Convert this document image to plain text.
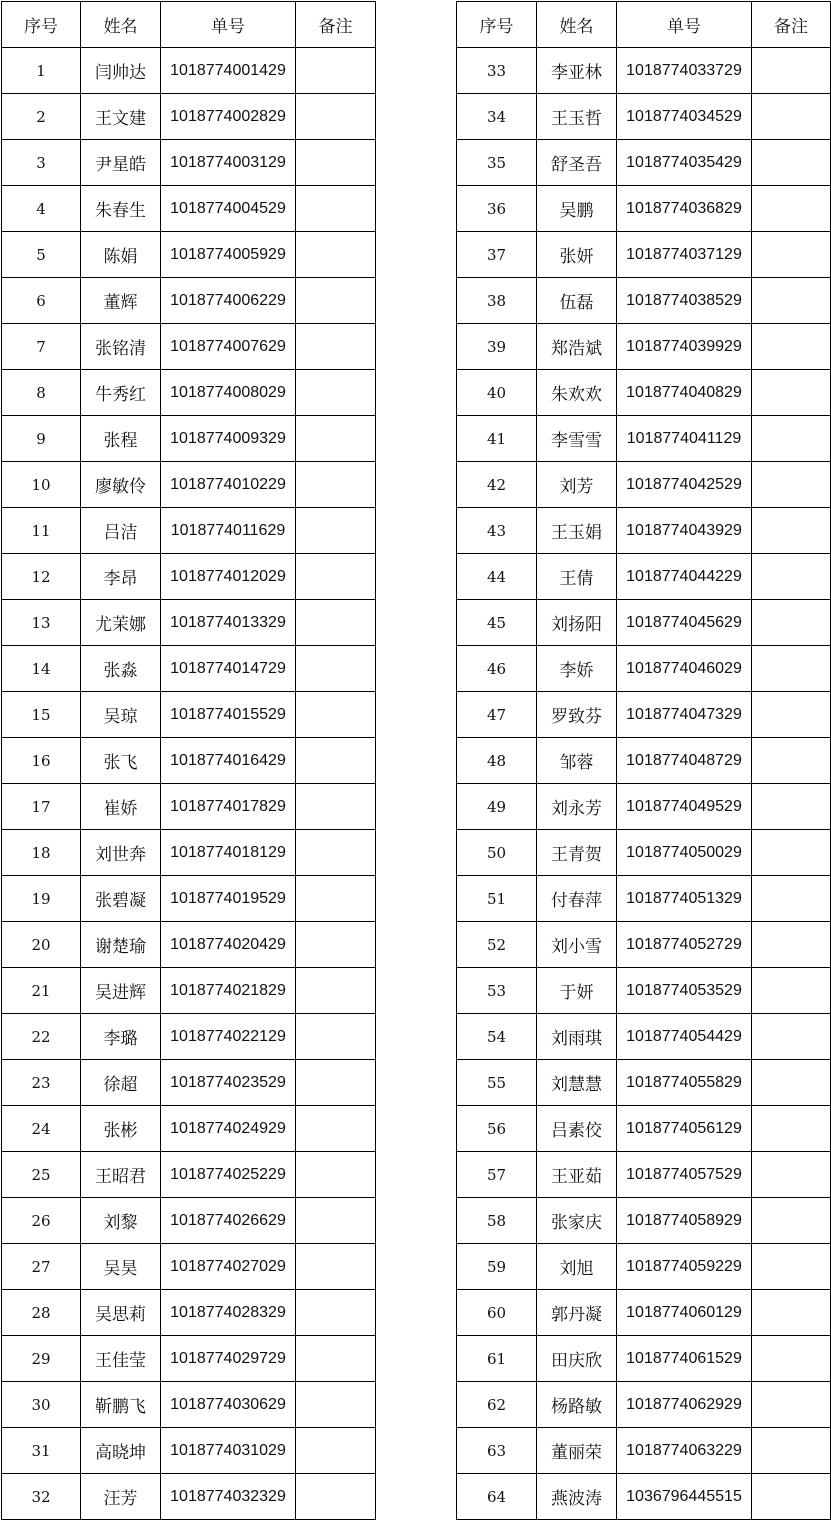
序号	姓名	单号	备注
1	闫帅达	1018774001429	
2	王文建	1018774002829	
3	尹星皓	1018774003129	
4	朱春生	1018774004529	
5	陈娟	1018774005929	
6	董辉	1018774006229	
7	张铭清	1018774007629	
8	牛秀红	1018774008029	
9	张程	1018774009329	
10	廖敏伶	1018774010229	
11	吕洁	1018774011629	
12	李昂	1018774012029	
13	尤茉娜	1018774013329	
14	张淼	1018774014729	
15	吴琼	1018774015529	
16	张飞	1018774016429	
17	崔娇	1018774017829	
18	刘世奔	1018774018129	
19	张碧凝	1018774019529	
20	谢楚瑜	1018774020429	
21	吴进辉	1018774021829	
22	李璐	1018774022129	
23	徐超	1018774023529	
24	张彬	1018774024929	
25	王昭君	1018774025229	
26	刘黎	1018774026629	
27	吴昊	1018774027029	
28	吴思莉	1018774028329	
29	王佳莹	1018774029729	
30	靳鹏飞	1018774030629	
31	高晓坤	1018774031029	
32	汪芳	1018774032329	
序号	姓名	单号	备注
33	李亚林	1018774033729	
34	王玉哲	1018774034529	
35	舒圣吾	1018774035429	
36	吴鹏	1018774036829	
37	张妍	1018774037129	
38	伍磊	1018774038529	
39	郑浩斌	1018774039929	
40	朱欢欢	1018774040829	
41	李雪雪	1018774041129	
42	刘芳	1018774042529	
43	王玉娟	1018774043929	
44	王倩	1018774044229	
45	刘扬阳	1018774045629	
46	李娇	1018774046029	
47	罗致芬	1018774047329	
48	邹蓉	1018774048729	
49	刘永芳	1018774049529	
50	王青贺	1018774050029	
51	付春萍	1018774051329	
52	刘小雪	1018774052729	
53	于妍	1018774053529	
54	刘雨琪	1018774054429	
55	刘慧慧	1018774055829	
56	吕素佼	1018774056129	
57	王亚茹	1018774057529	
58	张家庆	1018774058929	
59	刘旭	1018774059229	
60	郭丹凝	1018774060129	
61	田庆欣	1018774061529	
62	杨路敏	1018774062929	
63	董丽荣	1018774063229	
64	燕波涛	1036796445515	
